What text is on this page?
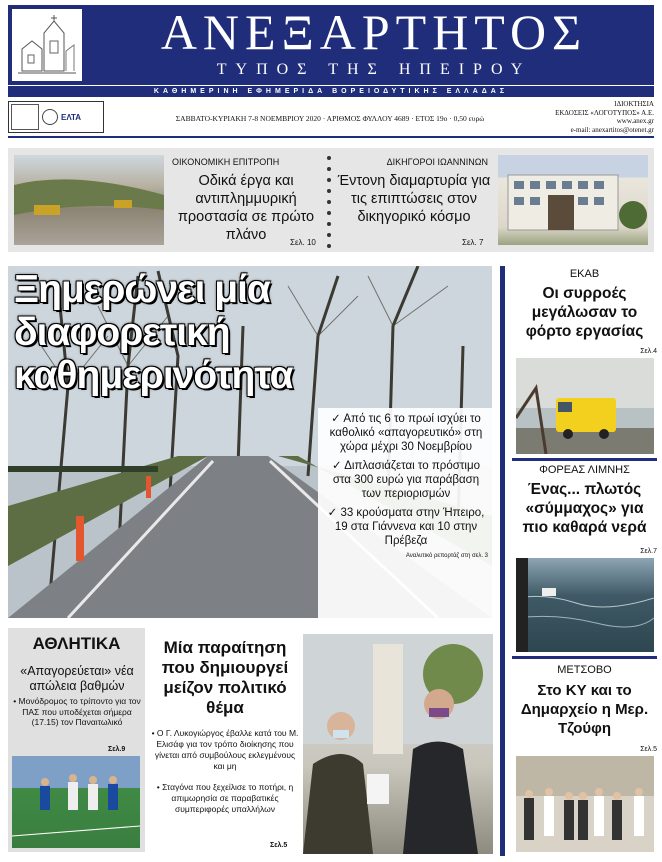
ΑΝΕΞΑΡΤΗΤΟΣ
ΤΥΠΟΣ ΤΗΣ ΗΠΕΙΡΟΥ
ΚΑΘΗΜΕΡΙΝΗ ΕΦΗΜΕΡΙΔΑ ΒΟΡΕΙΟΔΥΤΙΚΗΣ ΕΛΛΑΔΑΣ
ΕΛΤΑ	ΣΑΒΒΑΤΟ-ΚΥΡΙΑΚΗ 7-8 ΝΟΕΜΒΡΙΟΥ 2020 · ΑΡΙΘΜΟΣ ΦΥΛΛΟΥ 4689 · ΕΤΟΣ 19ο · 0,50 ευρώ
ΙΔΙΟΚΤΗΣΙΑ
ΕΚΔΟΣΕΙΣ «ΛΟΓΟΤΥΠΟΣ» Α.Ε.
www.anex.gr
e-mail: anexartitos@otenet.gr
ΟΙΚΟΝΟΜΙΚΗ ΕΠΙΤΡΟΠΗ
Οδικά έργα και αντιπλημμυρική προστασία σε πρώτο πλάνο	Σελ. 10
ΔΙΚΗΓΟΡΟΙ ΙΩΑΝΝΙΝΩΝ
Έντονη διαμαρτυρία για τις επιπτώσεις στον δικηγορικό κόσμο
Σελ. 7
Ξημερώνει μία διαφορετική καθημερινότητα
✓ Από τις 6 το πρωί ισχύει το καθολικό «απαγορευτικό» στη χώρα μέχρι 30 Νοεμβρίου
✓ Διπλασιάζεται το πρόστιμο στα 300 ευρώ για παράβαση των περιορισμών
✓ 33 κρούσματα στην Ήπειρο, 19 στα Γιάννενα και 10 στην Πρέβεζα
Αναλυτικό ρεπορτάζ στη σελ. 3
ΕΚΑΒ
Οι συρροές μεγάλωσαν το φόρτο εργασίας
Σελ.4
ΦΟΡΕΑΣ ΛΙΜΝΗΣ
Ένας... πλωτός «σύμμαχος» για πιο καθαρά νερά
Σελ.7
ΜΕΤΣΟΒΟ
Στο ΚΥ και το Δημαρχείο η Μερ. Τζούφη
Σελ.5
ΑΘΛΗΤΙΚΑ
«Απαγορεύεται» νέα απώλεια βαθμών
• Μονόδρομος το τρίποντο για τον ΠΑΣ που υποδέχεται σήμερα (17.15) τον Παναιτωλικό
Σελ.9
Μία παραίτηση που δημιουργεί μείζον πολιτικό θέμα
• Ο Γ. Λυκογιώργος έβαλλε κατά του Μ. Ελισάφ για τον τρόπο διοίκησης που γίνεται από συμβούλους εκλεγμένους και μη
• Σταγόνα που ξεχείλισε το ποτήρι, η απιμωρησία σε παραβατικές συμπεριφορές υπαλλήλων
Σελ.5
